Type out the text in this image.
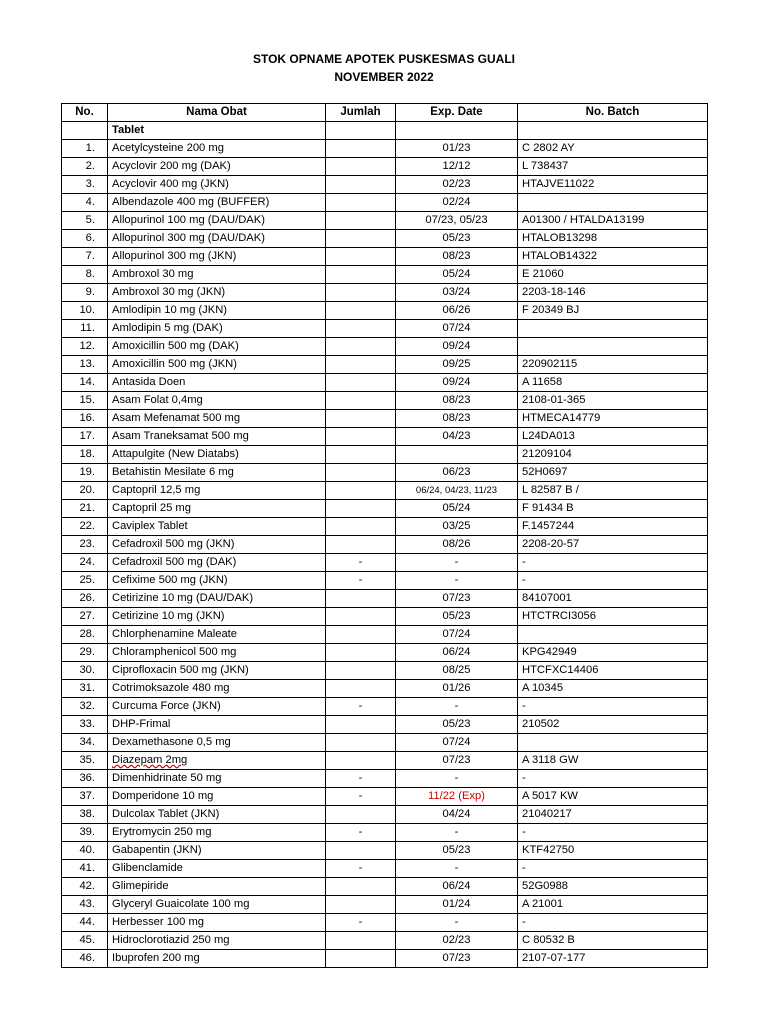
STOK OPNAME APOTEK PUSKESMAS GUALI
NOVEMBER 2022
No.	Nama Obat	Jumlah	Exp. Date	No. Batch
	Tablet			
1.	Acetylcysteine 200 mg		01/23	C 2802 AY
2.	Acyclovir 200 mg (DAK)		12/12	L 738437
3.	Acyclovir 400 mg (JKN)		02/23	HTAJVE11022
4.	Albendazole 400 mg (BUFFER)		02/24	
5.	Allopurinol 100 mg (DAU/DAK)		07/23, 05/23	A01300 / HTALDA13199
6.	Allopurinol 300 mg (DAU/DAK)		05/23	HTALOB13298
7.	Allopurinol 300 mg (JKN)		08/23	HTALOB14322
8.	Ambroxol 30 mg		05/24	E 21060
9.	Ambroxol 30 mg (JKN)		03/24	2203-18-146
10.	Amlodipin 10 mg (JKN)		06/26	F 20349 BJ
11.	Amlodipin 5 mg (DAK)		07/24	
12.	Amoxicillin 500 mg (DAK)		09/24	
13.	Amoxicillin 500 mg (JKN)		09/25	220902115
14.	Antasida Doen		09/24	A 11658
15.	Asam Folat 0,4mg		08/23	2108-01-365
16.	Asam Mefenamat 500 mg		08/23	HTMECA14779
17.	Asam Traneksamat 500 mg		04/23	L24DA013
18.	Attapulgite (New Diatabs)			21209104
19.	Betahistin Mesilate 6 mg		06/23	52H0697
20.	Captopril 12,5 mg		06/24, 04/23, 11/23	L 82587 B /
21.	Captopril 25 mg		05/24	F 91434 B
22.	Caviplex Tablet		03/25	F.1457244
23.	Cefadroxil 500 mg (JKN)		08/26	2208-20-57
24.	Cefadroxil 500 mg (DAK)	-	-	-
25.	Cefixime 500 mg (JKN)	-	-	-
26.	Cetirizine 10 mg (DAU/DAK)		07/23	84107001
27.	Cetirizine 10 mg (JKN)		05/23	HTCTRCI3056
28.	Chlorphenamine Maleate		07/24	
29.	Chloramphenicol 500 mg		06/24	KPG42949
30.	Ciprofloxacin 500 mg (JKN)		08/25	HTCFXC14406
31.	Cotrimoksazole 480 mg		01/26	A 10345
32.	Curcuma Force (JKN)	-	-	-
33.	DHP-Frimal		05/23	210502
34.	Dexamethasone 0,5 mg		07/24	
35.	Diazepam 2mg		07/23	A 3118 GW
36.	Dimenhidrinate 50 mg	-	-	-
37.	Domperidone 10 mg	-	11/22 (Exp)	A 5017 KW
38.	Dulcolax Tablet (JKN)		04/24	21040217
39.	Erytromycin 250 mg	-	-	-
40.	Gabapentin (JKN)		05/23	KTF42750
41.	Glibenclamide	-	-	-
42.	Glimepiride		06/24	52G0988
43.	Glyceryl Guaicolate 100 mg		01/24	A 21001
44.	Herbesser 100 mg	-	-	-
45.	Hidroclorotiazid 250 mg		02/23	C 80532 B
46.	Ibuprofen 200 mg		07/23	2107-07-177
